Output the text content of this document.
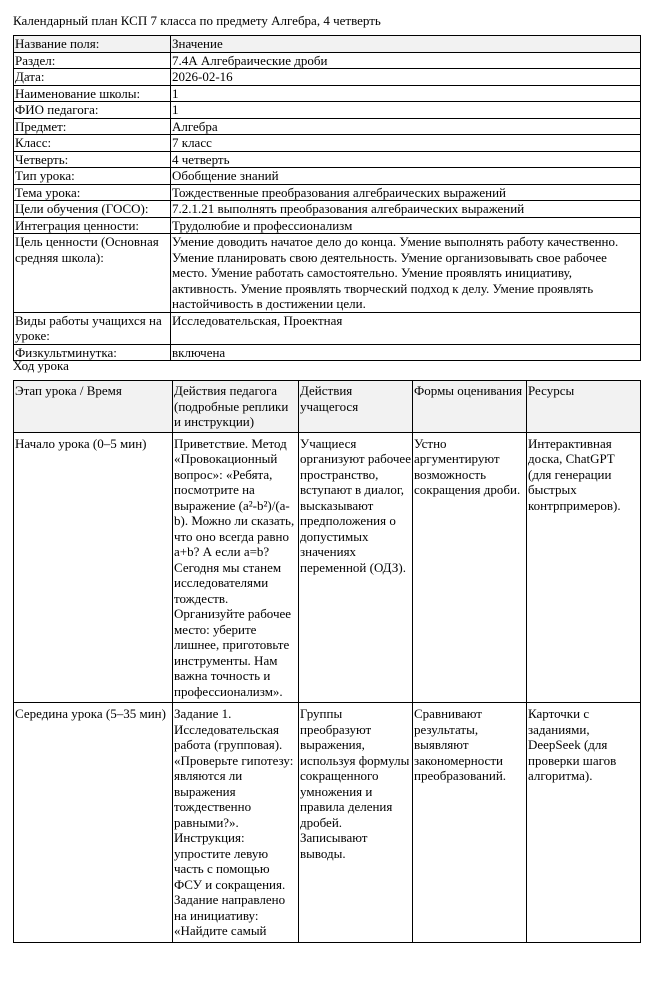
Календарный план КСП 7 класса по предмету Алгебра, 4 четверть
Название поля:	Значение
Раздел:	7.4А Алгебраические дроби
Дата:	2026-02-16
Наименование школы:	1
ФИО педагога:	1
Предмет:	Алгебра
Класс:	7 класс
Четверть:	4 четверть
Тип урока:	Обобщение знаний
Тема урока:	Тождественные преобразования алгебраических выражений
Цели обучения (ГОСО):	7.2.1.21 выполнять преобразования алгебраических выражений
Интеграция ценности:	Трудолюбие и профессионализм
Цель ценности (Основная средняя школа):	Умение доводить начатое дело до конца. Умение выполнять работу качественно. Умение планировать свою деятельность. Умение организовывать свое рабочее место. Умение работать самостоятельно. Умение проявлять инициативу, активность. Умение проявлять творческий подход к делу. Умение проявлять настойчивость в достижении цели.
Виды работы учащихся на уроке:	Исследовательская, Проектная
Физкультминутка:	включена
Ход урока
Этап урока / Время	Действия педагога (подробные реплики и инструкции)	Действия учащегося	Формы оценивания	Ресурсы
Начало урока (0–5 мин)	Приветствие. Метод «Провокационный вопрос»: «Ребята, посмотрите на выражение (a²-b²)/(a-b). Можно ли сказать, что оно всегда равно a+b? А если a=b? Сегодня мы станем исследователями тождеств. Организуйте рабочее место: уберите лишнее, приготовьте инструменты. Нам важна точность и профессионализм».	Учащиеся организуют рабочее пространство, вступают в диалог, высказывают предположения о допустимых значениях переменной (ОДЗ).	Устно аргументируют возможность сокращения дроби.	Интерактивная доска, ChatGPT (для генерации быстрых контрпримеров).
Середина урока (5–35 мин)	Задание 1. Исследовательская работа (групповая). «Проверьте гипотезу: являются ли выражения тождественно равными?». Инструкция: упростите левую часть с помощью ФСУ и сокращения. Задание направлено на инициативу: «Найдите самый	Группы преобразуют выражения, используя формулы сокращенного умножения и правила деления дробей. Записывают выводы.	Сравнивают результаты, выявляют закономерности преобразований.	Карточки с заданиями, DeepSeek (для проверки шагов алгоритма).
